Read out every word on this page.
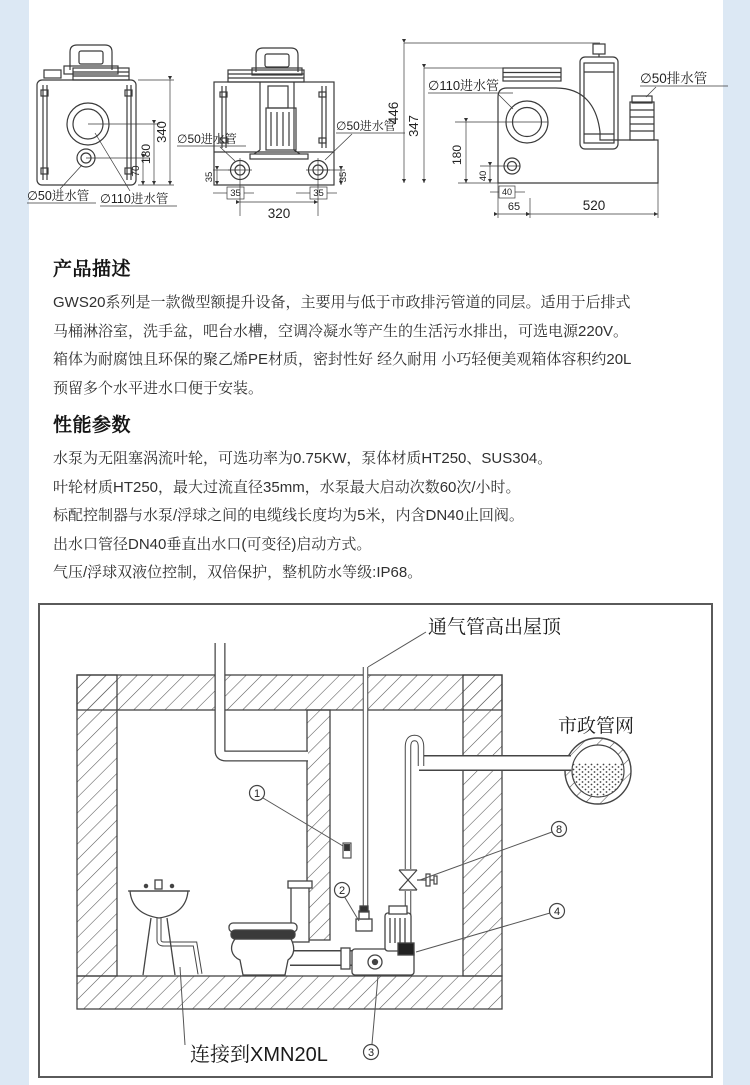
340
180
70
∅50进水管 ∅110进水管
∅50进水管
∅50进水管
35
35
35
35
320
446
347
180
40
40
65	520
∅110进水管	∅50排水管
产品描述
GWS20系列是一款微型额提升设备，主要用与低于市政排污管道的同层。适用于后排式
马桶淋浴室，洗手盆，吧台水槽，空调冷凝水等产生的生活污水排出，可选电源220V。
箱体为耐腐蚀且环保的聚乙烯PE材质，密封性好 经久耐用 小巧轻便美观箱体容积约20L
预留多个水平进水口便于安装。
性能参数
水泵为无阻塞涡流叶轮，可选功率为0.75KW，泵体材质HT250、SUS304。
叶轮材质HT250，最大过流直径35mm，水泵最大启动次数60次/小时。
标配控制器与水泵/浮球之间的电缆线长度均为5米，内含DN40止回阀。
出水口管径DN40垂直出水口(可变径)启动方式。
气压/浮球双液位控制，双倍保护，整机防水等级:IP68。
1
2
3
4
8
通气管高出屋顶
市政管网
连接到XMN20L
